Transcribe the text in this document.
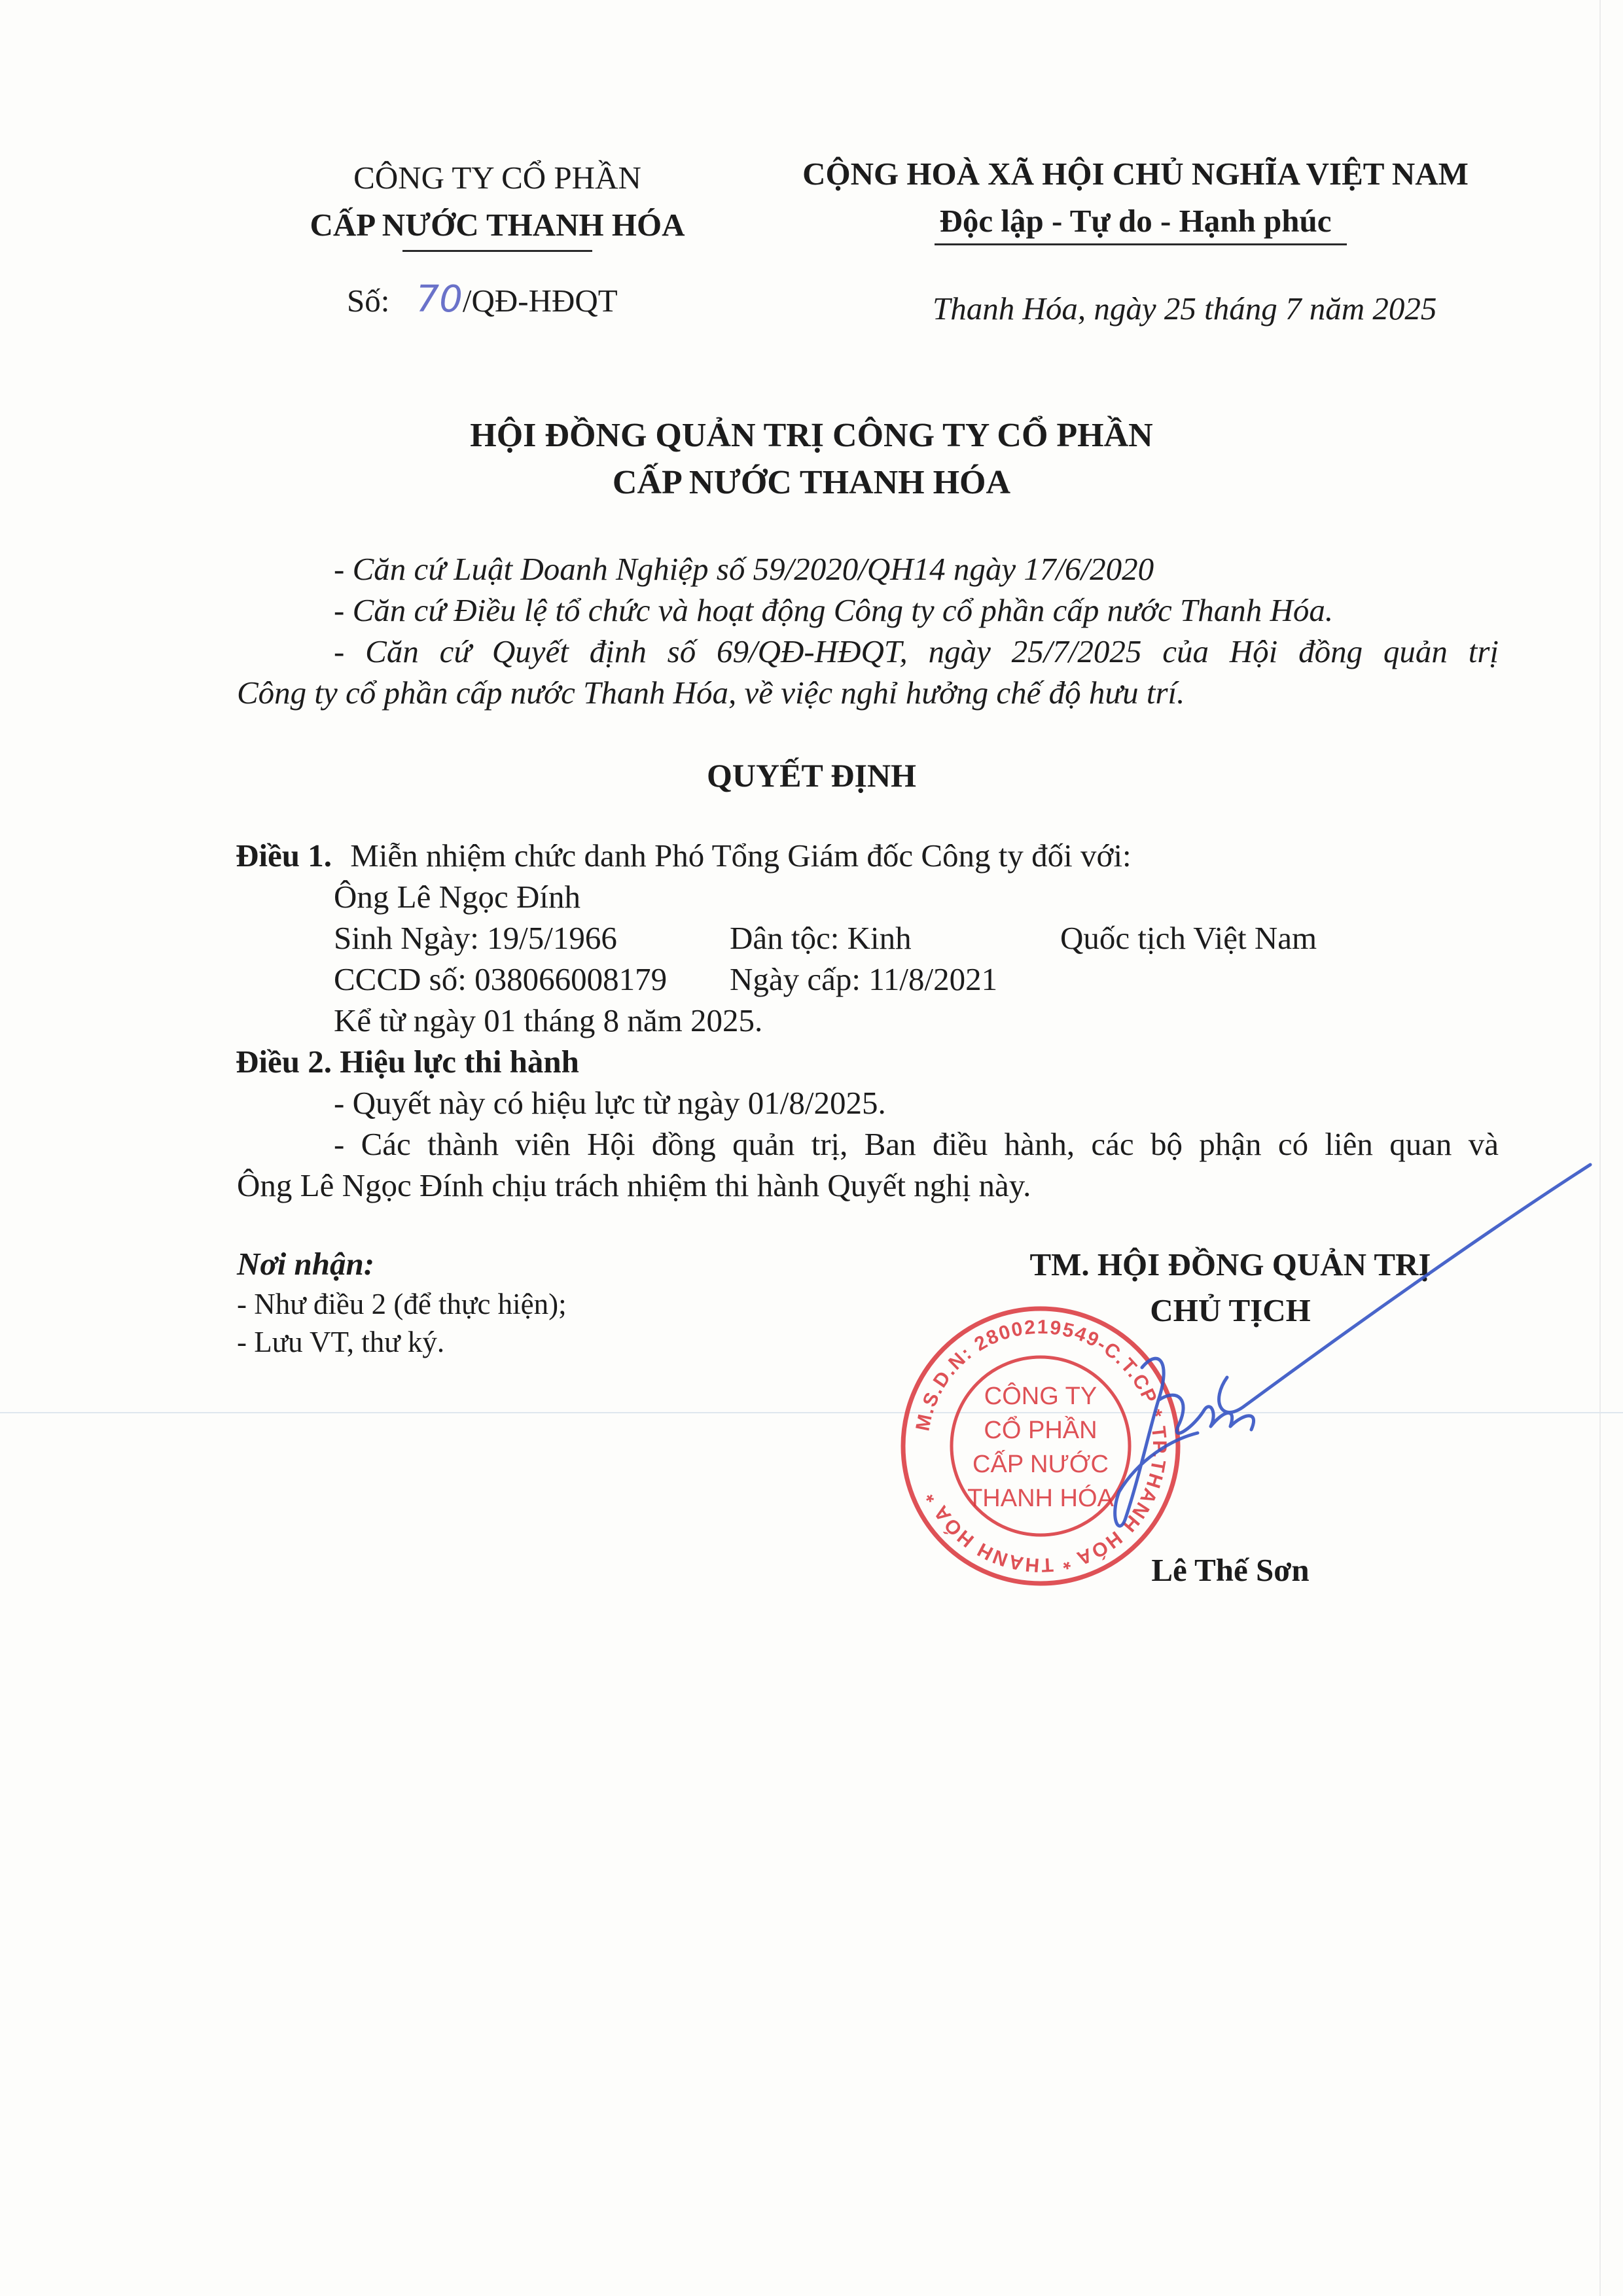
CÔNG TY CỔ PHẦN
CẤP NƯỚC THANH HÓA
Số: 70/QĐ-HĐQT
CỘNG HOÀ XÃ HỘI CHỦ NGHĨA VIỆT NAM
Độc lập - Tự do - Hạnh phúc
Thanh Hóa, ngày 25 tháng 7 năm 2025
HỘI ĐỒNG QUẢN TRỊ CÔNG TY CỔ PHẦN
CẤP NƯỚC THANH HÓA
- Căn cứ Luật Doanh Nghiệp số 59/2020/QH14 ngày 17/6/2020
- Căn cứ Điều lệ tổ chức và hoạt động Công ty cổ phần cấp nước Thanh Hóa.
- Căn cứ Quyết định số 69/QĐ-HĐQT, ngày 25/7/2025 của Hội đồng quản trị
Công ty cổ phần cấp nước Thanh Hóa, về việc nghỉ hưởng chế độ hưu trí.
QUYẾT ĐỊNH
Điều 1. Miễn nhiệm chức danh Phó Tổng Giám đốc Công ty đối với:
Ông Lê Ngọc Đính
Sinh Ngày: 19/5/1966	Dân tộc: Kinh	Quốc tịch Việt Nam
CCCD số: 038066008179 Ngày cấp: 11/8/2021
Kể từ ngày 01 tháng 8 năm 2025.
Điều 2. Hiệu lực thi hành
- Quyết này có hiệu lực từ ngày 01/8/2025.
- Các thành viên Hội đồng quản trị, Ban điều hành, các bộ phận có liên quan và
Ông Lê Ngọc Đính chịu trách nhiệm thi hành Quyết nghị này.
Nơi nhận:
- Như điều 2 (để thực hiện);
- Lưu VT, thư ký.
TM. HỘI ĐỒNG QUẢN TRỊ
CHỦ TỊCH
M.S.D.N: 2800219549-C.T.CP * TP.THANH HÓA * THANH HÓA *
CÔNG TY
CỔ PHẦN
CẤP NƯỚC
THANH HÓA
Lê Thế Sơn
